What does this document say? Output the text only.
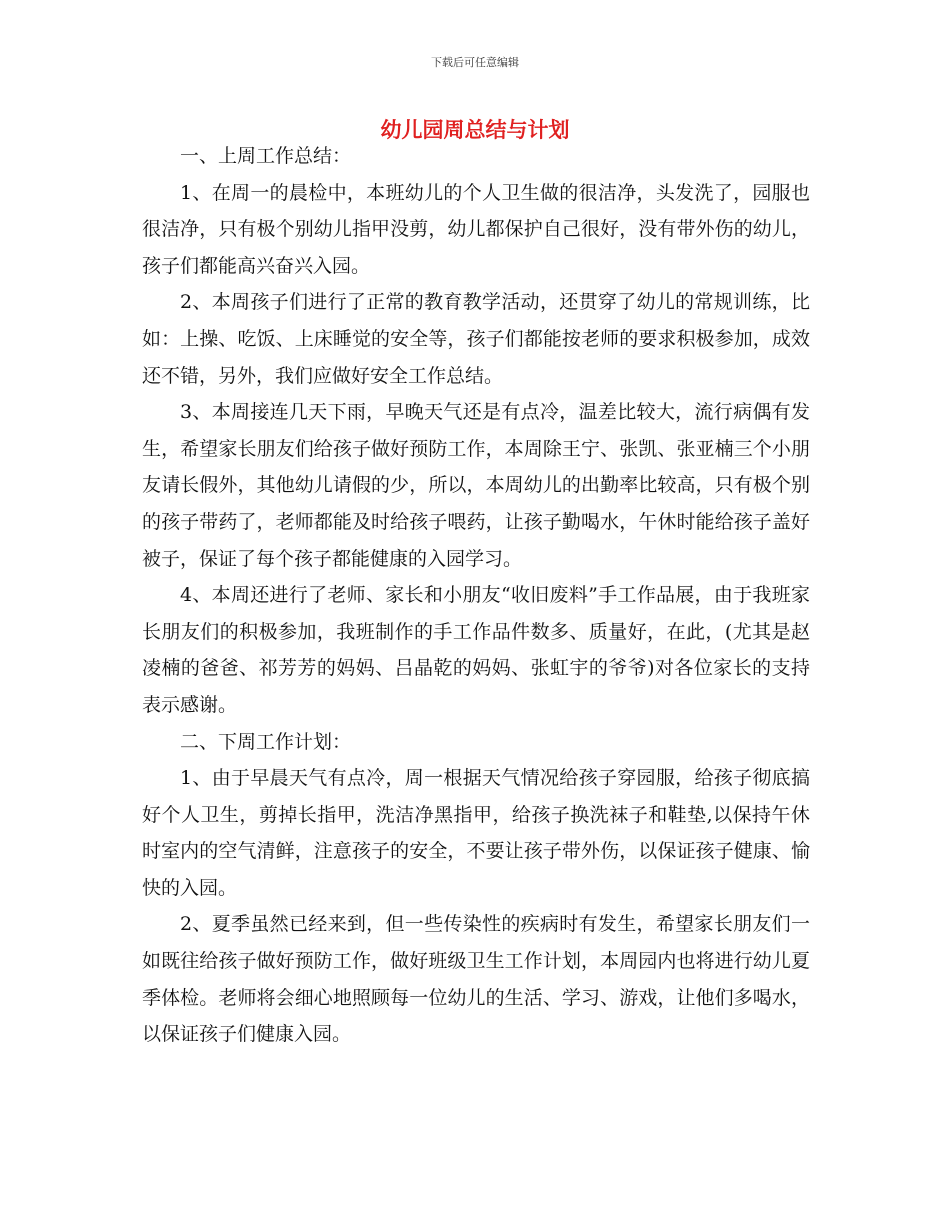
下载后可任意编辑
幼儿园周总结与计划

一、上周工作总结：

1、在周一的晨检中，本班幼儿的个人卫生做的很洁净，头发洗了，园服也很洁净，只有极个别幼儿指甲没剪，幼儿都保护自己很好，没有带外伤的幼儿，孩子们都能高兴奋兴入园。

2、本周孩子们进行了正常的教育教学活动，还贯穿了幼儿的常规训练，比如：上操、吃饭、上床睡觉的安全等，孩子们都能按老师的要求积极参加，成效还不错，另外，我们应做好安全工作总结。

3、本周接连几天下雨，早晚天气还是有点冷，温差比较大，流行病偶有发生，希望家长朋友们给孩子做好预防工作，本周除王宁、张凯、张亚楠三个小朋友请长假外，其他幼儿请假的少，所以，本周幼儿的出勤率比较高，只有极个别的孩子带药了，老师都能及时给孩子喂药，让孩子勤喝水，午休时能给孩子盖好被子，保证了每个孩子都能健康的入园学习。

4、本周还进行了老师、家长和小朋友“收旧废料”手工作品展，由于我班家长朋友们的积极参加，我班制作的手工作品件数多、质量好，在此，(尤其是赵凌楠的爸爸、祁芳芳的妈妈、吕晶乾的妈妈、张虹宇的爷爷)对各位家长的支持表示感谢。

二、下周工作计划：

1、由于早晨天气有点冷，周一根据天气情况给孩子穿园服，给孩子彻底搞好个人卫生，剪掉长指甲，洗洁净黑指甲，给孩子换洗袜子和鞋垫,以保持午休时室内的空气清鲜，注意孩子的安全，不要让孩子带外伤，以保证孩子健康、愉快的入园。

2、夏季虽然已经来到，但一些传染性的疾病时有发生，希望家长朋友们一如既往给孩子做好预防工作，做好班级卫生工作计划，本周园内也将进行幼儿夏季体检。老师将会细心地照顾每一位幼儿的生活、学习、游戏，让他们多喝水，以保证孩子们健康入园。
